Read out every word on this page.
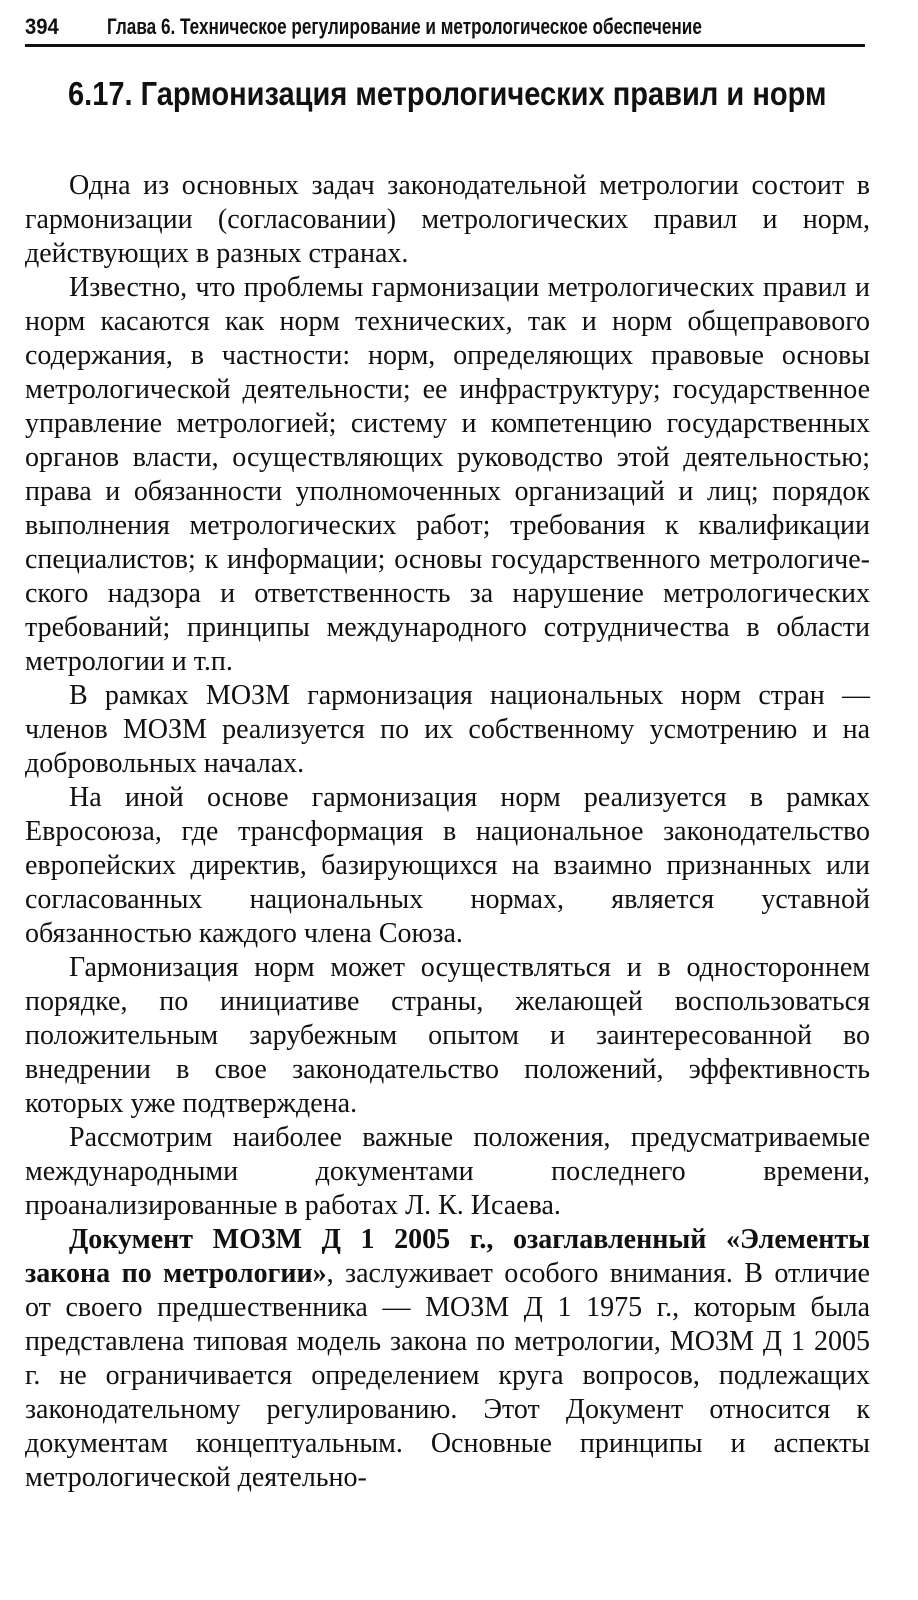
394 Глава 6. Техническое регулирование и метрологическое обеспечение
6.17. Гармонизация метрологических правил и норм

Одна из основных задач законодательной метрологии состоит в гармонизации (согласовании) метрологических правил и норм, действующих в разных странах.

Известно, что проблемы гармонизации метрологических правил и норм касаются как норм технических, так и норм общеправового содержания, в частности: норм, определяющих правовые основы метрологической деятельности; ее инфраструктуру; государственное управление метрологией; систему и компетенцию государственных органов власти, осуществляющих руководство этой деятельностью; права и обязанности уполномоченных организаций и лиц; порядок выполнения метрологических работ; требования к квалификации специалистов; к информации; основы государственного метрологического надзора и ответственность за нарушение метрологических требований; принципы международного сотрудничества в области метрологии и т.п.

В рамках МОЗМ гармонизация национальных норм стран — членов МОЗМ реализуется по их собственному усмотрению и на добровольных началах.

На иной основе гармонизация норм реализуется в рамках Евросоюза, где трансформация в национальное законодательство европейских директив, базирующихся на взаимно признанных или согласованных национальных нормах, является уставной обязанностью каждого члена Союза.

Гармонизация норм может осуществляться и в одностороннем порядке, по инициативе страны, желающей воспользоваться положительным зарубежным опытом и заинтересованной во внедрении в свое законодательство положений, эффективность которых уже подтверждена.

Рассмотрим наиболее важные положения, предусматриваемые международными документами последнего времени, проанализированные в работах Л. К. Исаева.

Документ МОЗМ Д 1 2005 г., озаглавленный «Элементы закона по метрологии», заслуживает особого внимания. В отличие от своего предшественника — МОЗМ Д 1 1975 г., которым была представлена типовая модель закона по метрологии, МОЗМ Д 1 2005 г. не ограничивается определением круга вопросов, подлежащих законодательному регулированию. Этот Документ относится к документам концептуальным. Основные принципы и аспекты метрологической деятельно-
